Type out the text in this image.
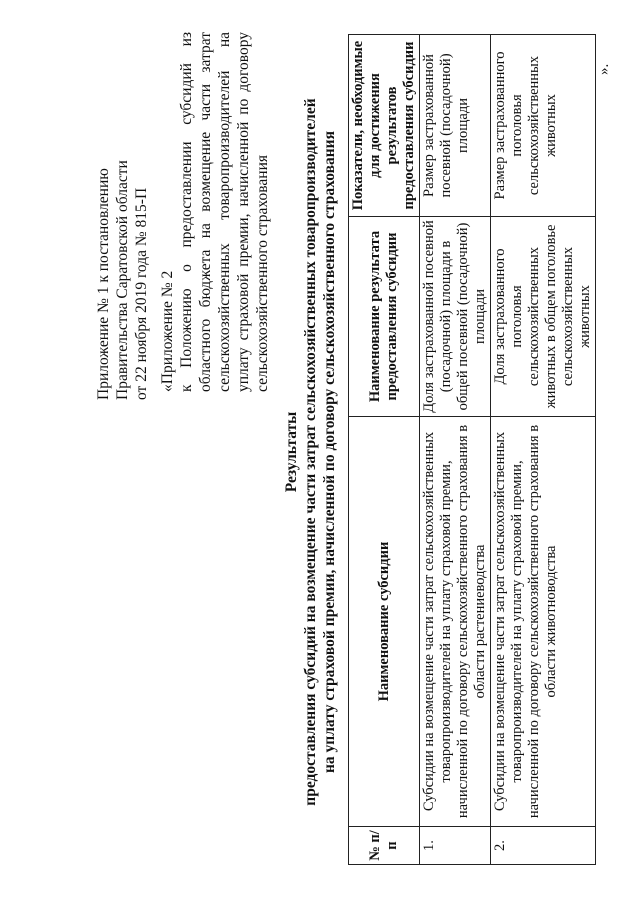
Приложение № 1 к постановлению Правительства Саратовской области от 22 ноября 2019 года № 815-П «Приложение № 2 к Положению о предоставлении субсидий из областного бюджета на возмещение части затрат сельскохозяйственных товаропроизводителей на уплату страховой премии, начисленной по договору сельскохозяйственного страхования
Результаты предоставления субсидий на возмещение части затрат сельскохозяйственных товаропроизводителей на уплату страховой премии, начисленной по договору сельскохозяйственного страхования
№ п/п	Наименование субсидии	Наименование результата предоставления субсидии	Показатели, необходимые для достижения результатов предоставления субсидии
1.	Субсидии на возмещение части затрат сельскохозяйственных товаропроизводителей на уплату страховой премии, начисленной по договору сельскохозяйственного страхования в области растениеводства	Доля застрахованной посевной (посадочной) площади в общей посевной (посадочной) площади	Размер застрахованной посевной (посадочной) площади
2.	Субсидии на возмещение части затрат сельскохозяйственных товаропроизводителей на уплату страховой премии, начисленной по договору сельскохозяйственного страхования в области животноводства	Доля застрахованного поголовья сельскохозяйственных животных в общем поголовье сельскохозяйственных животных	Размер застрахованного поголовья сельскохозяйственных животных
».
